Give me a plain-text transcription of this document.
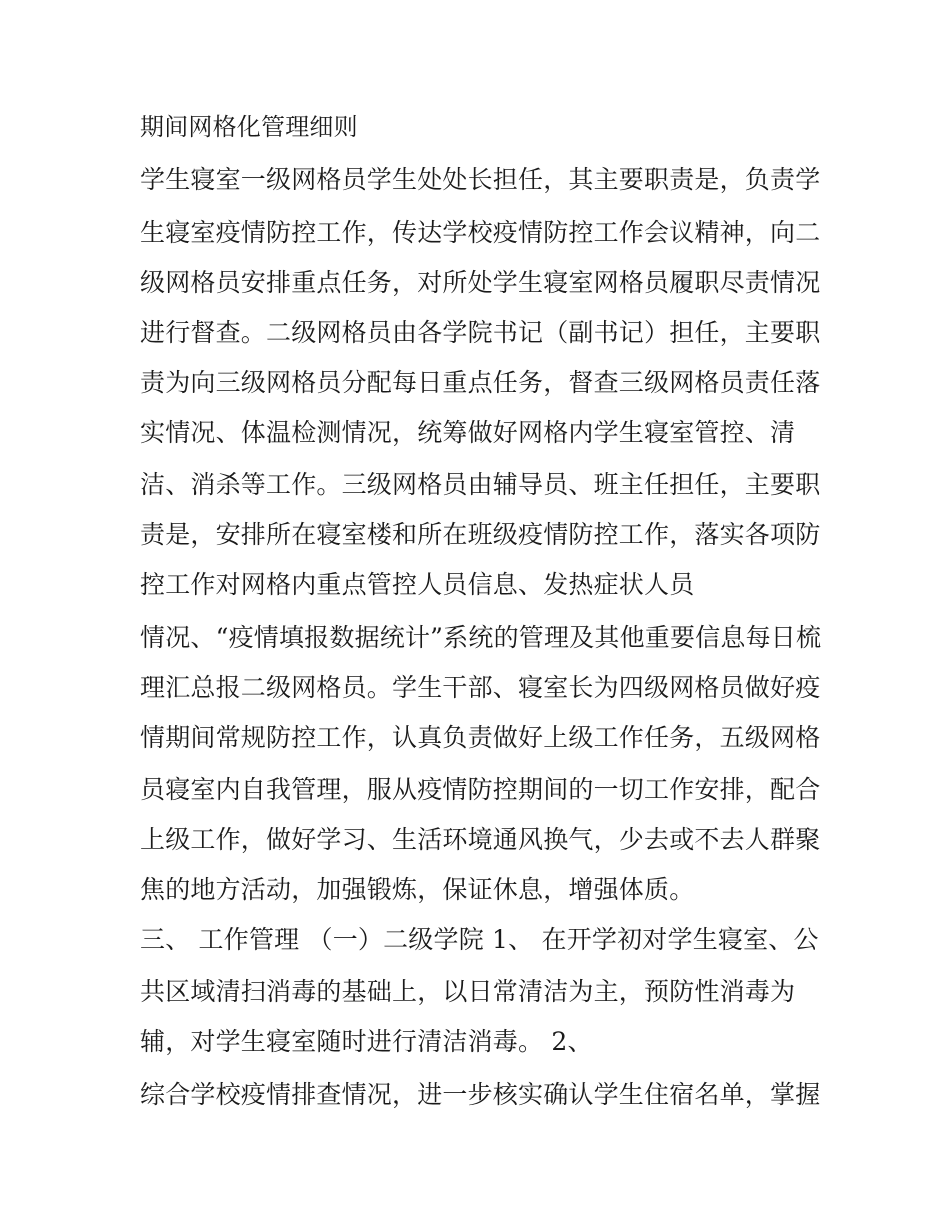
期间网格化管理细则
学生寝室一级网格员学生处处长担任，其主要职责是，负责学
生寝室疫情防控工作，传达学校疫情防控工作会议精神，向二
级网格员安排重点任务，对所处学生寝室网格员履职尽责情况
进行督查。二级网格员由各学院书记（副书记）担任，主要职
责为向三级网格员分配每日重点任务，督查三级网格员责任落
实情况、体温检测情况，统筹做好网格内学生寝室管控、清
洁、消杀等工作。三级网格员由辅导员、班主任担任，主要职
责是，安排所在寝室楼和所在班级疫情防控工作，落实各项防
控工作对网格内重点管控人员信息、发热症状人员
情况、“疫情填报数据统计”系统的管理及其他重要信息每日梳
理汇总报二级网格员。学生干部、寝室长为四级网格员做好疫
情期间常规防控工作，认真负责做好上级工作任务，五级网格
员寝室内自我管理，服从疫情防控期间的一切工作安排，配合
上级工作，做好学习、生活环境通风换气，少去或不去人群聚
焦的地方活动，加强锻炼，保证休息，增强体质。
三、 工作管理 （一）二级学院 1、 在开学初对学生寝室、公
共区域清扫消毒的基础上，以日常清洁为主，预防性消毒为
辅，对学生寝室随时进行清洁消毒。 2、
综合学校疫情排查情况，进一步核实确认学生住宿名单，掌握
